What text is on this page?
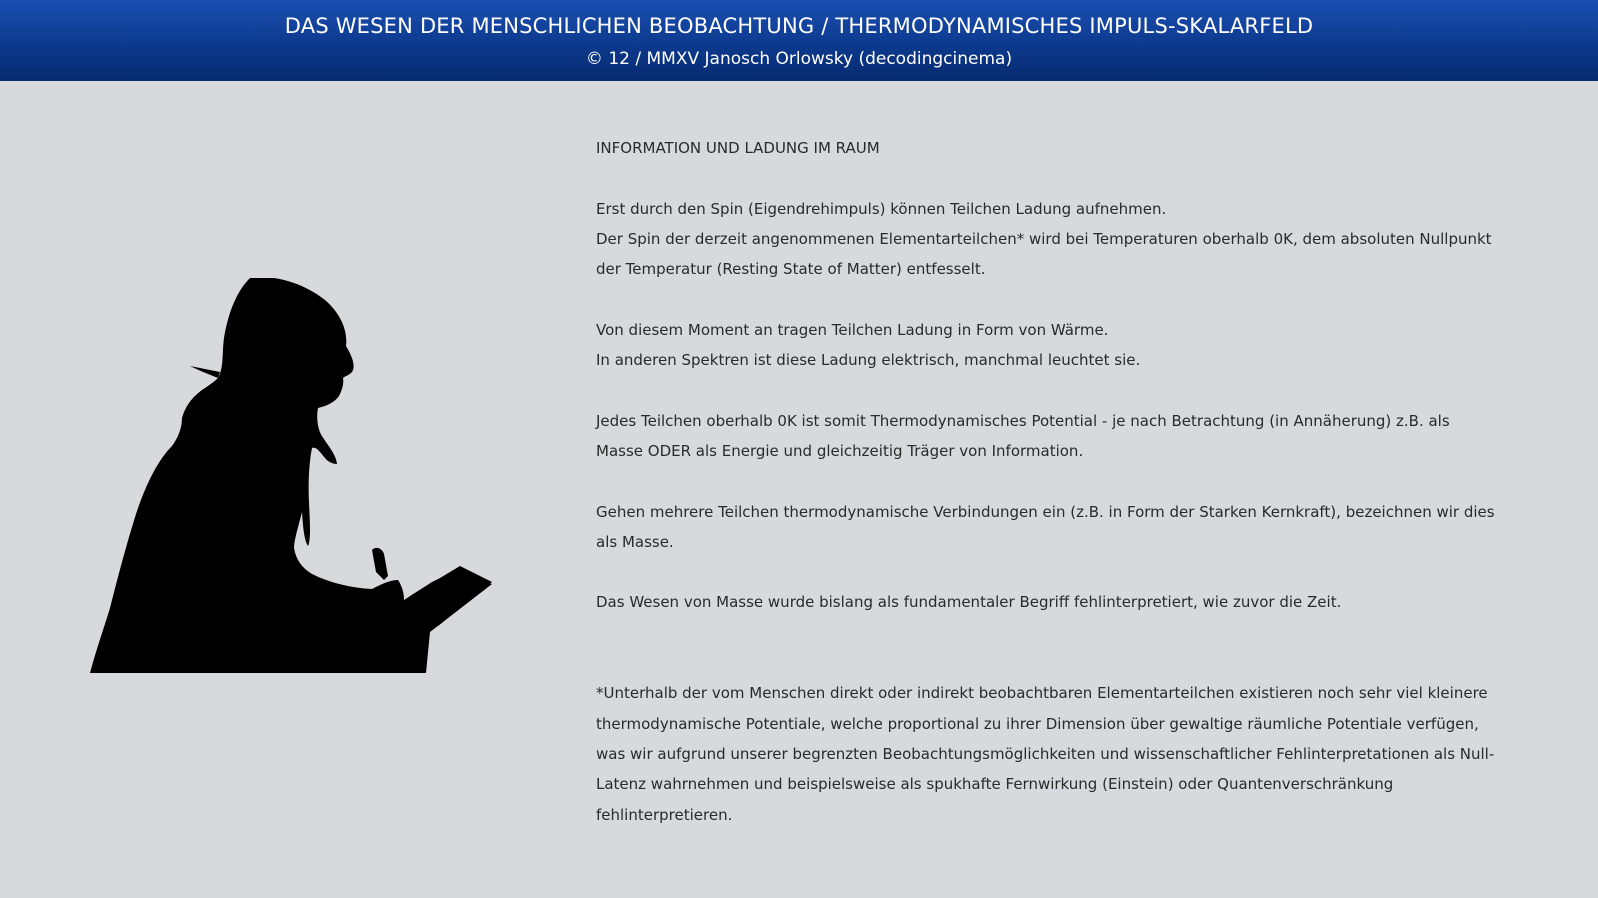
DAS WESEN DER MENSCHLICHEN BEOBACHTUNG / THERMODYNAMISCHES IMPULS-SKALARFELD
© 12 / MMXV Janosch Orlowsky (decodingcinema)

INFORMATION UND LADUNG IM RAUM

Erst durch den Spin (Eigendrehimpuls) können Teilchen Ladung aufnehmen.

Der Spin der derzeit angenommenen Elementarteilchen* wird bei Temperaturen oberhalb 0K, dem absoluten Nullpunkt

der Temperatur (Resting State of Matter) entfesselt.

Von diesem Moment an tragen Teilchen Ladung in Form von Wärme.

In anderen Spektren ist diese Ladung elektrisch, manchmal leuchtet sie.

Jedes Teilchen oberhalb 0K ist somit Thermodynamisches Potential - je nach Betrachtung (in Annäherung) z.B. als

Masse ODER als Energie und gleichzeitig Träger von Information.

Gehen mehrere Teilchen thermodynamische Verbindungen ein (z.B. in Form der Starken Kernkraft), bezeichnen wir dies

als Masse.

Das Wesen von Masse wurde bislang als fundamentaler Begriff fehlinterpretiert, wie zuvor die Zeit.

*Unterhalb der vom Menschen direkt oder indirekt beobachtbaren Elementarteilchen existieren noch sehr viel kleinere

thermodynamische Potentiale, welche proportional zu ihrer Dimension über gewaltige räumliche Potentiale verfügen,

was wir aufgrund unserer begrenzten Beobachtungsmöglichkeiten und wissenschaftlicher Fehlinterpretationen als Null-

Latenz wahrnehmen und beispielsweise als spukhafte Fernwirkung (Einstein) oder Quantenverschränkung

fehlinterpretieren.
